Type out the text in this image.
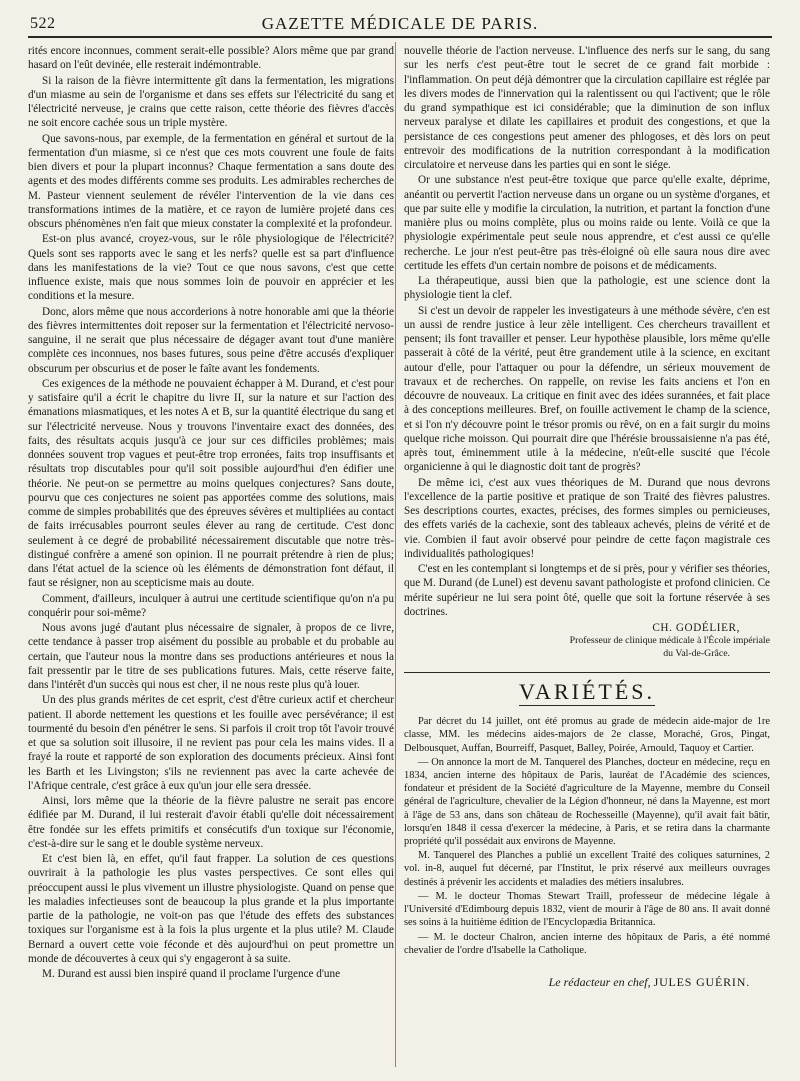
522	GAZETTE MÉDICALE DE PARIS.

rités encore inconnues, comment serait-elle possible? Alors même que par grand hasard on l'eût devinée, elle resterait indémontrable.

Si la raison de la fièvre intermittente gît dans la fermentation, les migrations d'un miasme au sein de l'organisme et dans ses effets sur l'électricité du sang et l'électricité nerveuse, je crains que cette raison, cette théorie des fièvres d'accès ne soit encore cachée sous un triple mystère.

Que savons-nous, par exemple, de la fermentation en général et surtout de la fermentation d'un miasme, si ce n'est que ces mots couvrent une foule de faits bien divers et pour la plupart inconnus? Chaque fermentation a sans doute des agents et des modes différents comme ses produits. Les admirables recherches de M. Pasteur viennent seulement de révéler l'intervention de la vie dans ces transformations intimes de la matière, et ce rayon de lumière projeté dans ces obscurs phénomènes n'en fait que mieux constater la complexité et la profondeur.

Est-on plus avancé, croyez-vous, sur le rôle physiologique de l'électricité? Quels sont ses rapports avec le sang et les nerfs? quelle est sa part d'influence dans les manifestations de la vie? Tout ce que nous savons, c'est que cette influence existe, mais que nous sommes loin de pouvoir en apprécier et les conditions et la mesure.

Donc, alors même que nous accorderions à notre honorable ami que la théorie des fièvres intermittentes doit reposer sur la fermentation et l'électricité nervoso-sanguine, il ne serait que plus nécessaire de dégager avant tout d'une manière complète ces inconnues, nos bases futures, sous peine d'être accusés d'expliquer obscurum per obscurius et de poser le faîte avant les fondements.

Ces exigences de la méthode ne pouvaient échapper à M. Durand, et c'est pour y satisfaire qu'il a écrit le chapitre du livre II, sur la nature et sur l'action des émanations miasmatiques, et les notes A et B, sur la quantité électrique du sang et sur l'électricité nerveuse. Nous y trouvons l'inventaire exact des données, des faits, des résultats acquis jusqu'à ce jour sur ces difficiles problèmes; mais données souvent trop vagues et peut-être trop erronées, faits trop insuffisants et résultats trop discutables pour qu'il soit possible aujourd'hui d'en édifier une théorie. Ne peut-on se permettre au moins quelques conjectures? Sans doute, pourvu que ces conjectures ne soient pas apportées comme des solutions, mais comme de simples probabilités que des épreuves sévères et multipliées au contact de faits irrécusables pourront seules élever au rang de certitude. C'est donc seulement à ce degré de probabilité nécessairement discutable que notre très-distingué confrère a amené son opinion. Il ne pourrait prétendre à rien de plus; dans l'état actuel de la science où les éléments de démonstration font défaut, il faut se résigner, non au scepticisme mais au doute.

Comment, d'ailleurs, inculquer à autrui une certitude scientifique qu'on n'a pu conquérir pour soi-même?

Nous avons jugé d'autant plus nécessaire de signaler, à propos de ce livre, cette tendance à passer trop aisément du possible au probable et du probable au certain, que l'auteur nous la montre dans ses productions antérieures et nous la fait pressentir par le titre de ses publications futures. Mais, cette réserve faite, dans l'intérêt d'un succès qui nous est cher, il ne nous reste plus qu'à louer.

Un des plus grands mérites de cet esprit, c'est d'être curieux actif et chercheur patient. Il aborde nettement les questions et les fouille avec persévérance; il est tourmenté du besoin d'en pénétrer le sens. Si parfois il croit trop tôt l'avoir trouvé et que sa solution soit illusoire, il ne revient pas pour cela les mains vides. Il a frayé la route et rapporté de son exploration des documents précieux. Ainsi font les Barth et les Livingston; s'ils ne reviennent pas avec la carte achevée de l'Afrique centrale, c'est grâce à eux qu'un jour elle sera dressée.

Ainsi, lors même que la théorie de la fièvre palustre ne serait pas encore édifiée par M. Durand, il lui resterait d'avoir établi qu'elle doit nécessairement être fondée sur les effets primitifs et consécutifs d'un toxique sur l'économie, c'est-à-dire sur le sang et le double système nerveux.

Et c'est bien là, en effet, qu'il faut frapper. La solution de ces questions ouvrirait à la pathologie les plus vastes perspectives. Ce sont elles qui préoccupent aussi le plus vivement un illustre physiologiste. Quand on pense que les maladies infectieuses sont de beaucoup la plus grande et la plus importante partie de la pathologie, ne voit-on pas que l'étude des effets des substances toxiques sur l'organisme est à la fois la plus urgente et la plus utile? M. Claude Bernard a ouvert cette voie féconde et dès aujourd'hui on peut promettre un monde de découvertes à ceux qui s'y engageront à sa suite.

M. Durand est aussi bien inspiré quand il proclame l'urgence d'une

nouvelle théorie de l'action nerveuse. L'influence des nerfs sur le sang, du sang sur les nerfs c'est peut-être tout le secret de ce grand fait morbide : l'inflammation. On peut déjà démontrer que la circulation capillaire est réglée par les divers modes de l'innervation qui la ralentissent ou qui l'activent; que le rôle du grand sympathique est ici considérable; que la diminution de son influx nerveux paralyse et dilate les capillaires et produit des congestions, et que la persistance de ces congestions peut amener des phlogoses, et dès lors on peut entrevoir des modifications de la nutrition correspondant à la modification circulatoire et nerveuse dans les parties qui en sont le siége.

Or une substance n'est peut-être toxique que parce qu'elle exalte, déprime, anéantit ou pervertit l'action nerveuse dans un organe ou un système d'organes, et que par suite elle y modifie la circulation, la nutrition, et partant la fonction d'une manière plus ou moins complète, plus ou moins raide ou lente. Voilà ce que la physiologie expérimentale peut seule nous apprendre, et c'est aussi ce qu'elle recherche. Le jour n'est peut-être pas très-éloigné où elle saura nous dire avec certitude les effets d'un certain nombre de poisons et de médicaments.

La thérapeutique, aussi bien que la pathologie, est une science dont la physiologie tient la clef.

Si c'est un devoir de rappeler les investigateurs à une méthode sévère, c'en est un aussi de rendre justice à leur zèle intelligent. Ces chercheurs travaillent et pensent; ils font travailler et penser. Leur hypothèse plausible, lors même qu'elle passerait à côté de la vérité, peut être grandement utile à la science, en excitant autour d'elle, pour l'attaquer ou pour la défendre, un sérieux mouvement de travaux et de recherches. On rappelle, on revise les faits anciens et l'on en découvre de nouveaux. La critique en finit avec des idées surannées, et fait place à des conceptions meilleures. Bref, on fouille activement le champ de la science, et si l'on n'y découvre point le trésor promis ou rêvé, on en a fait surgir du moins quelque riche moisson. Qui pourrait dire que l'hérésie broussaisienne n'a pas été, après tout, éminemment utile à la médecine, n'eût-elle suscité que l'école organicienne à qui le diagnostic doit tant de progrès?

De même ici, c'est aux vues théoriques de M. Durand que nous devrons l'excellence de la partie positive et pratique de son Traité des fièvres palustres. Ses descriptions courtes, exactes, précises, des formes simples ou pernicieuses, des effets variés de la cachexie, sont des tableaux achevés, pleins de vérité et de vie. Combien il faut avoir observé pour peindre de cette façon magistrale ces individualités pathologiques!

C'est en les contemplant si longtemps et de si près, pour y vérifier ses théories, que M. Durand (de Lunel) est devenu savant pathologiste et profond clinicien. Ce mérite supérieur ne lui sera point ôté, quelle que soit la fortune réservée à ses doctrines.

CH. GODÉLIER,
Professeur de clinique médicale à l'École impériale
du Val-de-Grâce.
VARIÉTÉS.

Par décret du 14 juillet, ont été promus au grade de médecin aide-major de 1re classe, MM. les médecins aides-majors de 2e classe, Moraché, Gros, Pingat, Delbousquet, Auffan, Bourreiff, Pasquet, Balley, Poirée, Arnould, Taquoy et Cartier.

— On annonce la mort de M. Tanquerel des Planches, docteur en médecine, reçu en 1834, ancien interne des hôpitaux de Paris, lauréat de l'Académie des sciences, fondateur et président de la Société d'agriculture de la Mayenne, membre du Conseil général de l'agriculture, chevalier de la Légion d'honneur, né dans la Mayenne, est mort à l'âge de 53 ans, dans son château de Rochesseille (Mayenne), qu'il avait fait bâtir, lorsqu'en 1848 il cessa d'exercer la médecine, à Paris, et se retira dans la charmante propriété qu'il possédait aux environs de Mayenne.

M. Tanquerel des Planches a publié un excellent Traité des coliques saturnines, 2 vol. in-8, auquel fut décerné, par l'Institut, le prix réservé aux meilleurs ouvrages destinés à prévenir les accidents et maladies des métiers insalubres.

— M. le docteur Thomas Stewart Traill, professeur de médecine légale à l'Université d'Edimbourg depuis 1832, vient de mourir à l'âge de 80 ans. Il avait donné ses soins à la huitième édition de l'Encyclopædia Britannica.

— M. le docteur Chalron, ancien interne des hôpitaux de Paris, a été nommé chevalier de l'ordre d'Isabelle la Catholique.

Le rédacteur en chef, JULES GUÉRIN.
